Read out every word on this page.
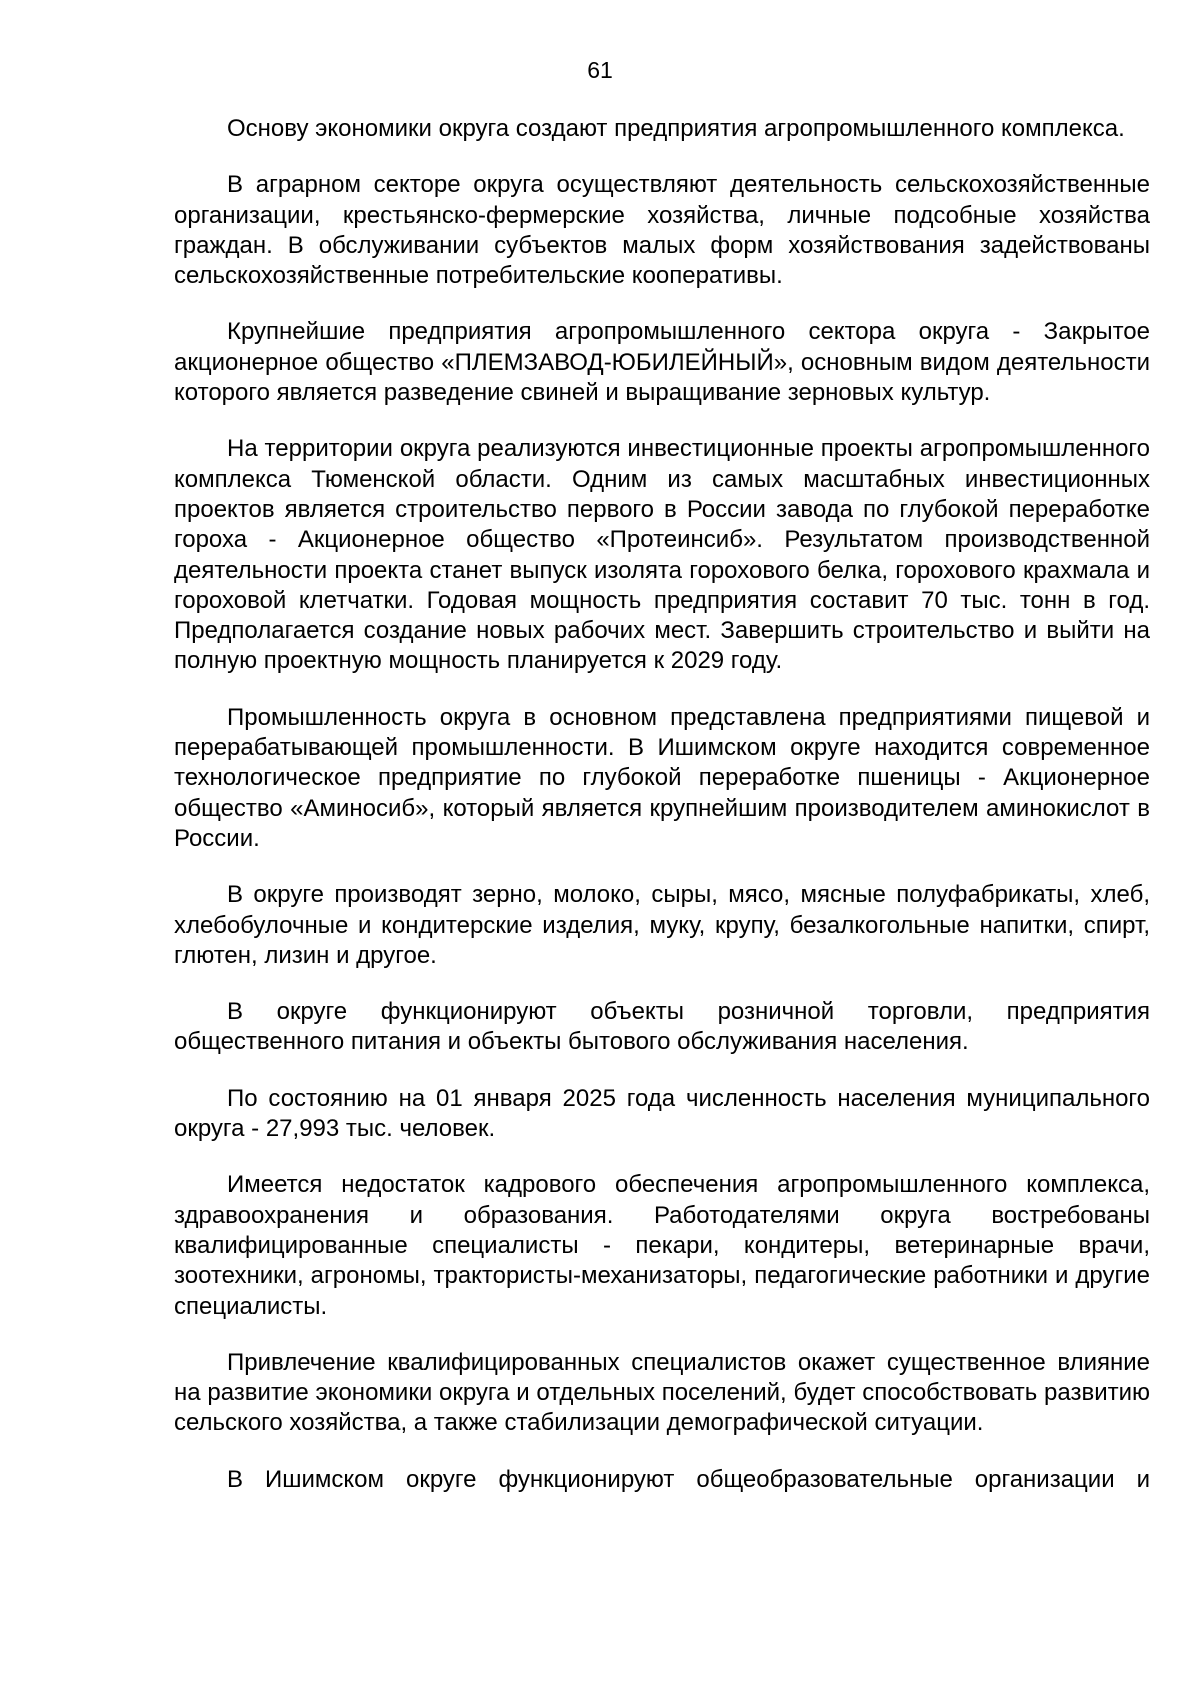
61

Основу экономики округа создают предприятия агропромышленного комплекса.

В аграрном секторе округа осуществляют деятельность сельскохозяйственные организации, крестьянско-фермерские хозяйства, личные подсобные хозяйства граждан. В обслуживании субъектов малых форм хозяйствования задействованы сельскохозяйственные потребительские кооперативы.

Крупнейшие предприятия агропромышленного сектора округа - Закрытое акционерное общество «ПЛЕМЗАВОД-ЮБИЛЕЙНЫЙ», основным видом деятельности которого является разведение свиней и выращивание зерновых культур.

На территории округа реализуются инвестиционные проекты агропромышленного комплекса Тюменской области. Одним из самых масштабных инвестиционных проектов является строительство первого в России завода по глубокой переработке гороха - Акционерное общество «Протеинсиб». Результатом производственной деятельности проекта станет выпуск изолята горохового белка, горохового крахмала и гороховой клетчатки. Годовая мощность предприятия составит 70 тыс. тонн в год. Предполагается создание новых рабочих мест. Завершить строительство и выйти на полную проектную мощность планируется к 2029 году.

Промышленность округа в основном представлена предприятиями пищевой и перерабатывающей промышленности. В Ишимском округе находится современное технологическое предприятие по глубокой переработке пшеницы - Акционерное общество «Аминосиб», который является крупнейшим производителем аминокислот в России.

В округе производят зерно, молоко, сыры, мясо, мясные полуфабрикаты, хлеб, хлебобулочные и кондитерские изделия, муку, крупу, безалкогольные напитки, спирт, глютен, лизин и другое.

В округе функционируют объекты розничной торговли, предприятия общественного питания и объекты бытового обслуживания населения.

По состоянию на 01 января 2025 года численность населения муниципального округа - 27,993 тыс. человек.

Имеется недостаток кадрового обеспечения агропромышленного комплекса, здравоохранения и образования. Работодателями округа востребованы квалифицированные специалисты - пекари, кондитеры, ветеринарные врачи, зоотехники, агрономы, трактористы-механизаторы, педагогические работники и другие специалисты.

Привлечение квалифицированных специалистов окажет существенное влияние на развитие экономики округа и отдельных поселений, будет способствовать развитию сельского хозяйства, а также стабилизации демографической ситуации.

В Ишимском округе функционируют общеобразовательные организации и
